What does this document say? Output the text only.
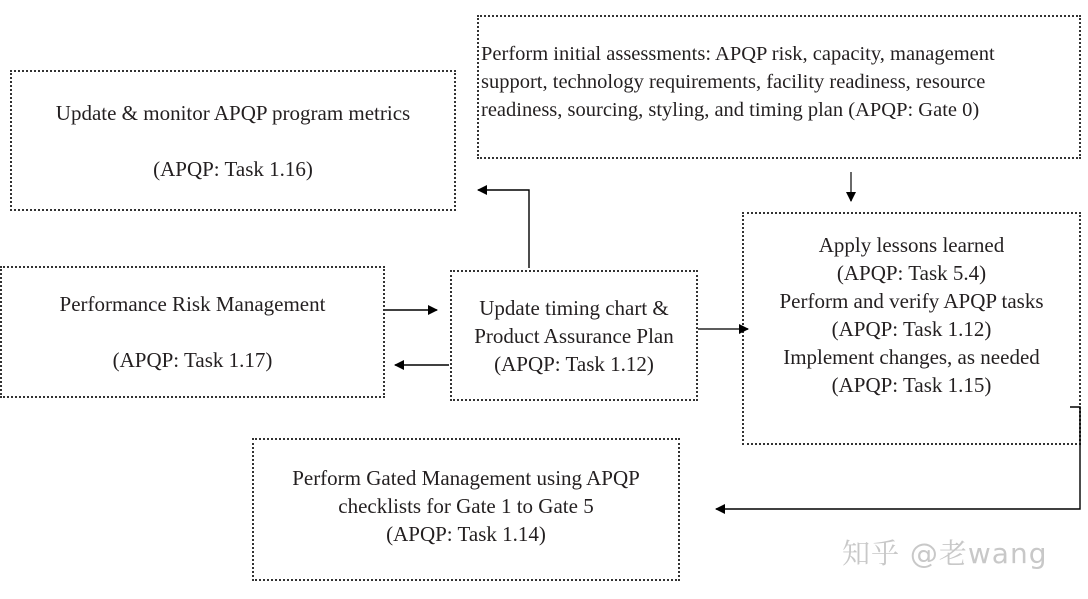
Update & monitor APQP program metrics
(APQP: Task 1.16)
Perform initial assessments: APQP risk, capacity, management
support, technology requirements, facility readiness, resource
readiness, sourcing, styling, and timing plan (APQP: Gate 0)
Performance Risk Management
(APQP: Task 1.17)
Update timing chart &
Product Assurance Plan
(APQP: Task 1.12)
Apply lessons learned
(APQP: Task 5.4)
Perform and verify APQP tasks
(APQP: Task 1.12)
Implement changes, as needed
(APQP: Task 1.15)
Perform Gated Management using APQP
checklists for Gate 1 to Gate 5
(APQP: Task 1.14)
知乎 @老wang
